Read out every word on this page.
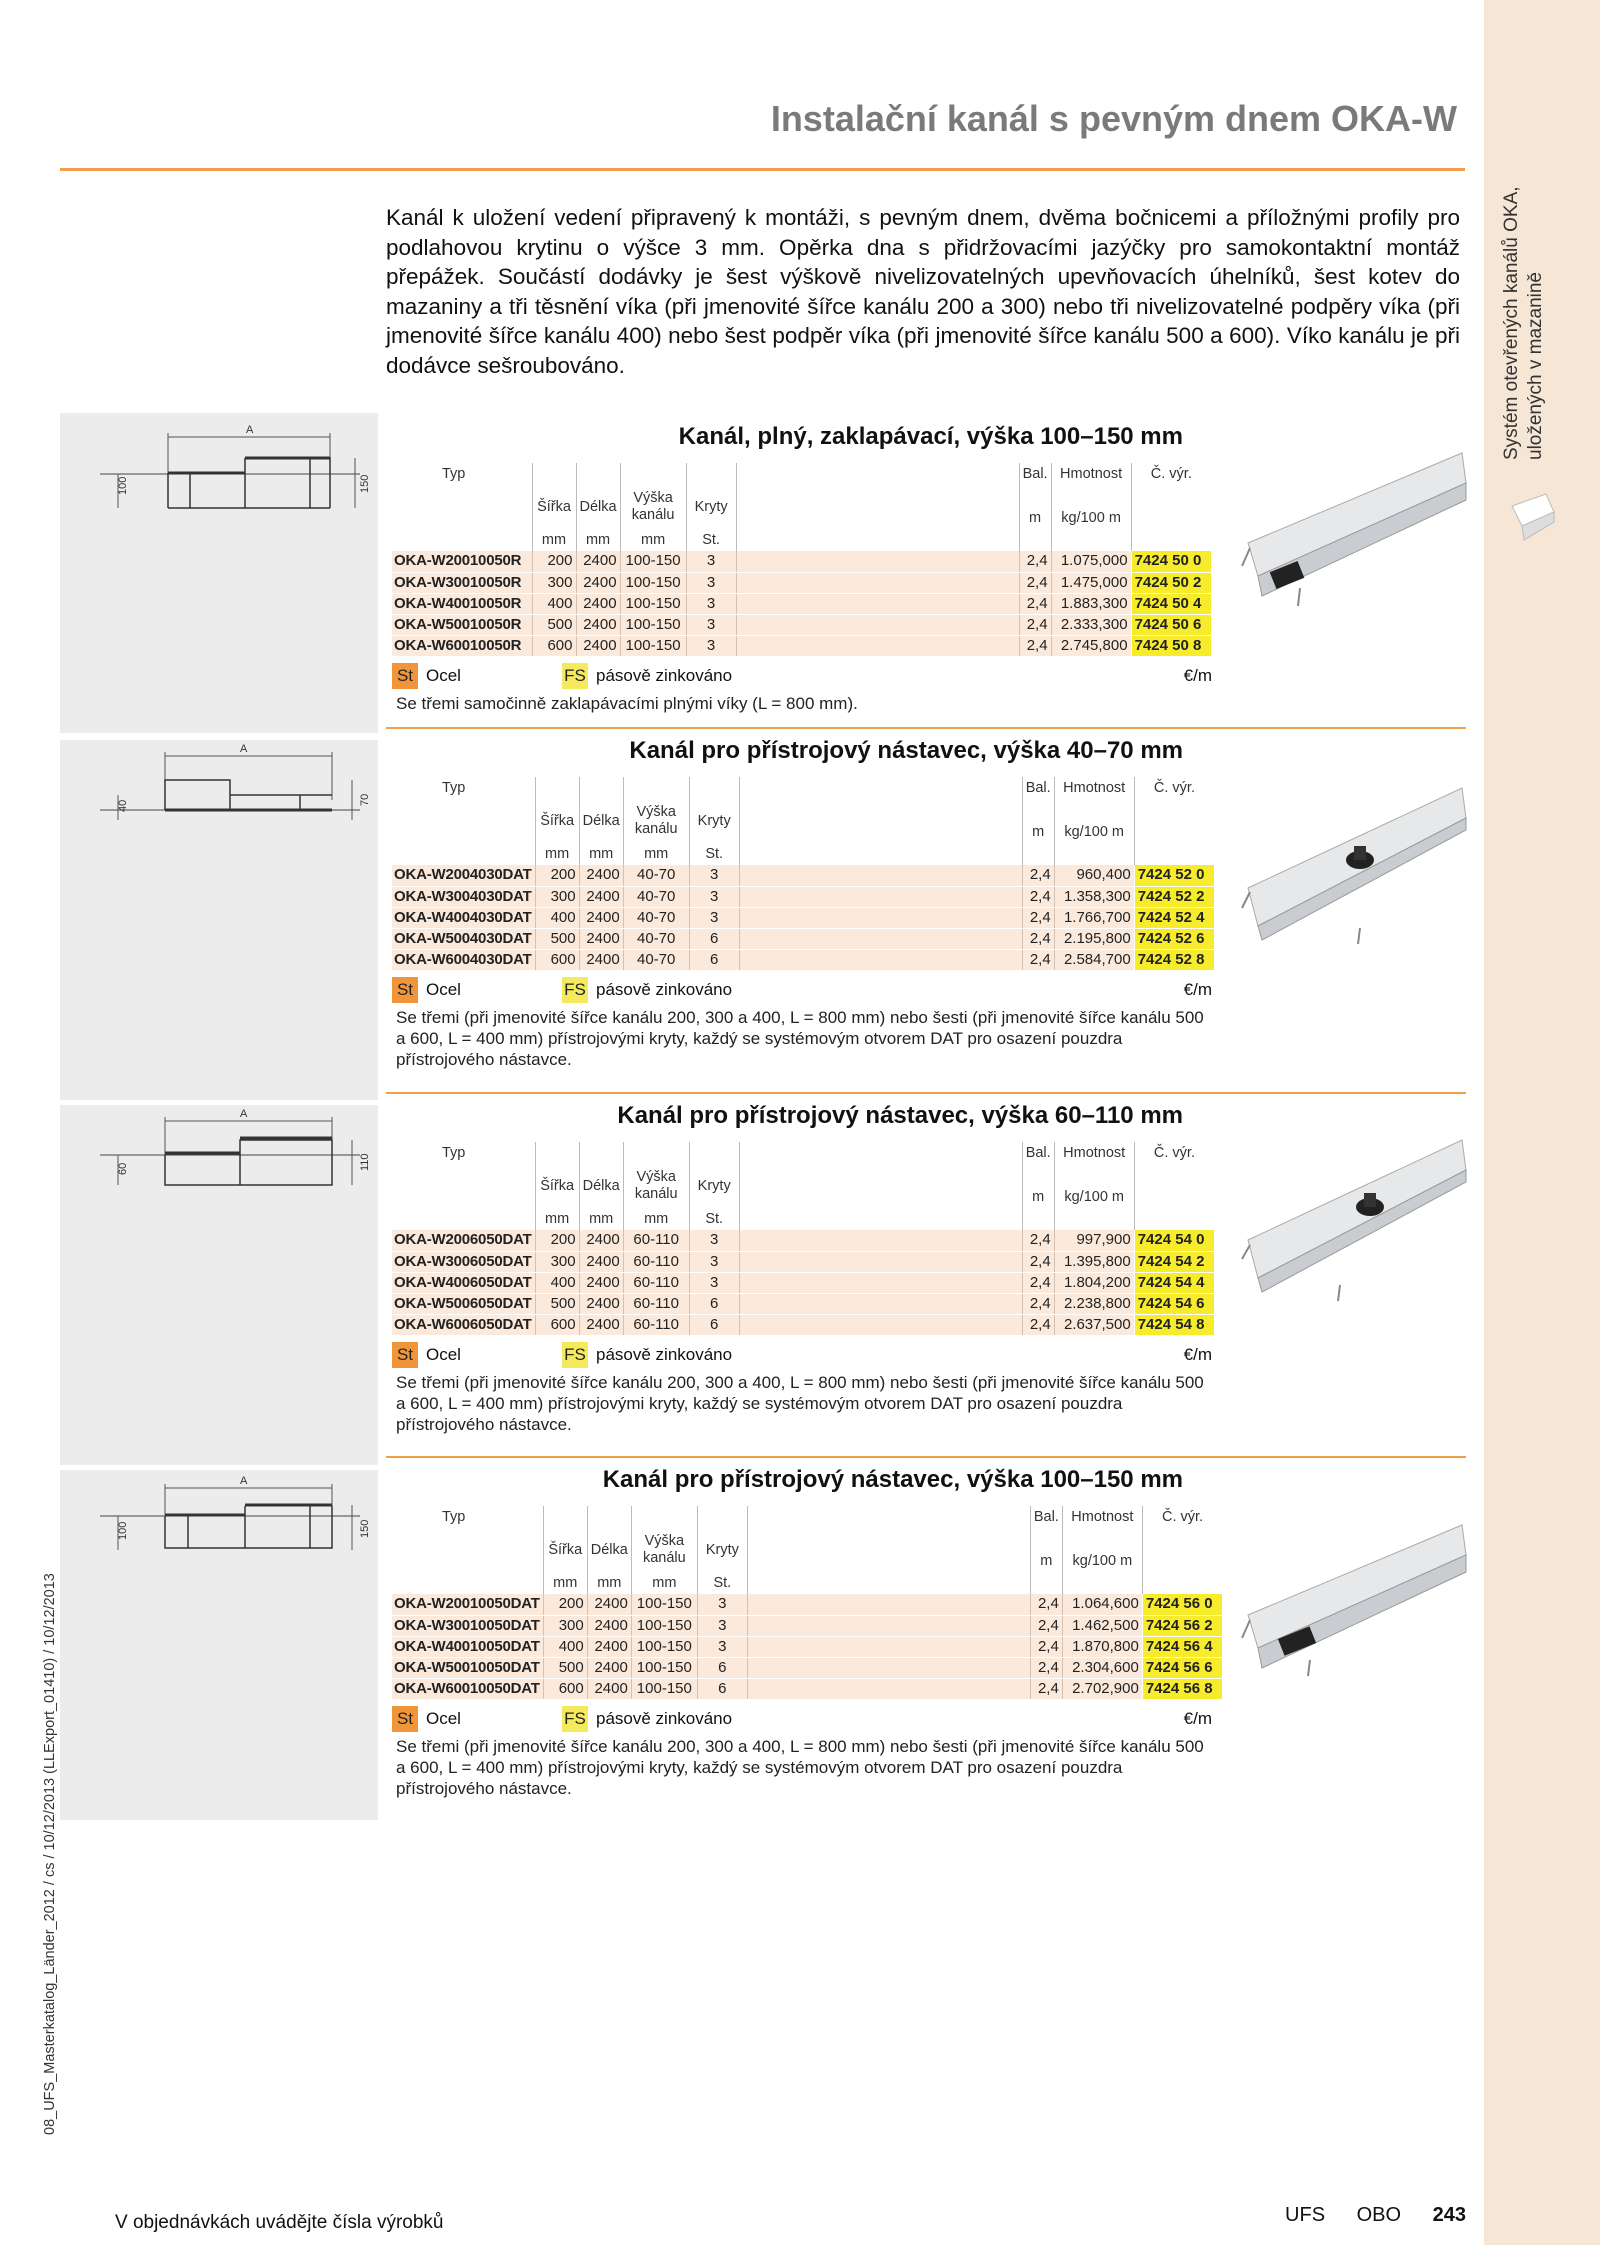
Systém otevřených kanálů OKA, uložených v mazanině
Instalační kanál s pevným dnem OKA-W
Kanál k uložení vedení připravený k montáži, s pevným dnem, dvěma bočnicemi a příložnými profily pro podlahovou krytinu o výšce 3 mm. Opěrka dna s přidržovacími jazýčky pro samokontaktní montáž přepážek. Součástí dodávky je šest výškově nivelizovatelných upevňovacích úhelníků, šest kotev do mazaniny a tři těsnění víka (při jmenovité šířce kanálu 200 a 300) nebo tři nivelizovatelné podpěry víka (při jmenovité šířce kanálu 400) nebo šest podpěr víka (při jmenovité šířce kanálu 500 a 600). Víko kanálu je při dodávce sešroubováno.
A
100	150
A
40	70
A
60	110
A
100	150
Kanál, plný, zaklapávací, výška 100–150 mm
Typ						Bal.	Hmotnost	Č. výr.
	Šířka	Délka	Výška kanálu	Kryty				
						m	kg/100 m	
	mm	mm	mm	St.				
OKA-W20010050R	200	2400	100-150	3		2,4	1.075,000	7424 50 0
OKA-W30010050R	300	2400	100-150	3		2,4	1.475,000	7424 50 2
OKA-W40010050R	400	2400	100-150	3		2,4	1.883,300	7424 50 4
OKA-W50010050R	500	2400	100-150	3		2,4	2.333,300	7424 50 6
OKA-W60010050R	600	2400	100-150	3		2,4	2.745,800	7424 50 8
St Ocel	FS pásově zinkováno	€/m
Se třemi samočinně zaklapávacími plnými víky (L = 800 mm).
Kanál pro přístrojový nástavec, výška 40–70 mm
Typ						Bal.	Hmotnost	Č. výr.
	Šířka	Délka	Výška kanálu	Kryty				
						m	kg/100 m	
	mm	mm	mm	St.				
OKA-W2004030DAT	200	2400	40-70	3		2,4	960,400	7424 52 0
OKA-W3004030DAT	300	2400	40-70	3		2,4	1.358,300	7424 52 2
OKA-W4004030DAT	400	2400	40-70	3		2,4	1.766,700	7424 52 4
OKA-W5004030DAT	500	2400	40-70	6		2,4	2.195,800	7424 52 6
OKA-W6004030DAT	600	2400	40-70	6		2,4	2.584,700	7424 52 8
St Ocel	FS pásově zinkováno	€/m
Se třemi (při jmenovité šířce kanálu 200, 300 a 400, L = 800 mm) nebo šesti (při jmenovité šířce kanálu 500 a 600, L = 400 mm) přístrojovými kryty, každý se systémovým otvorem DAT pro osazení pouzdra přístrojového nástavce.
Kanál pro přístrojový nástavec, výška 60–110 mm
Typ						Bal.	Hmotnost	Č. výr.
	Šířka	Délka	Výška kanálu	Kryty				
						m	kg/100 m	
	mm	mm	mm	St.				
OKA-W2006050DAT	200	2400	60-110	3		2,4	997,900	7424 54 0
OKA-W3006050DAT	300	2400	60-110	3		2,4	1.395,800	7424 54 2
OKA-W4006050DAT	400	2400	60-110	3		2,4	1.804,200	7424 54 4
OKA-W5006050DAT	500	2400	60-110	6		2,4	2.238,800	7424 54 6
OKA-W6006050DAT	600	2400	60-110	6		2,4	2.637,500	7424 54 8
St Ocel	FS pásově zinkováno	€/m
Se třemi (při jmenovité šířce kanálu 200, 300 a 400, L = 800 mm) nebo šesti (při jmenovité šířce kanálu 500 a 600, L = 400 mm) přístrojovými kryty, každý se systémovým otvorem DAT pro osazení pouzdra přístrojového nástavce.
Kanál pro přístrojový nástavec, výška 100–150 mm
Typ						Bal.	Hmotnost	Č. výr.
	Šířka	Délka	Výška kanálu	Kryty				
						m	kg/100 m	
	mm	mm	mm	St.				
OKA-W20010050DAT	200	2400	100-150	3		2,4	1.064,600	7424 56 0
OKA-W30010050DAT	300	2400	100-150	3		2,4	1.462,500	7424 56 2
OKA-W40010050DAT	400	2400	100-150	3		2,4	1.870,800	7424 56 4
OKA-W50010050DAT	500	2400	100-150	6		2,4	2.304,600	7424 56 6
OKA-W60010050DAT	600	2400	100-150	6		2,4	2.702,900	7424 56 8
St Ocel	FS pásově zinkováno	€/m
Se třemi (při jmenovité šířce kanálu 200, 300 a 400, L = 800 mm) nebo šesti (při jmenovité šířce kanálu 500 a 600, L = 400 mm) přístrojovými kryty, každý se systémovým otvorem DAT pro osazení pouzdra přístrojového nástavce.
V objednávkách uvádějte čísla výrobků	UFS OBO 243
08_UFS_Masterkatalog_Länder_2012 / cs / 10/12/2013 (LLExport_01410) / 10/12/2013
